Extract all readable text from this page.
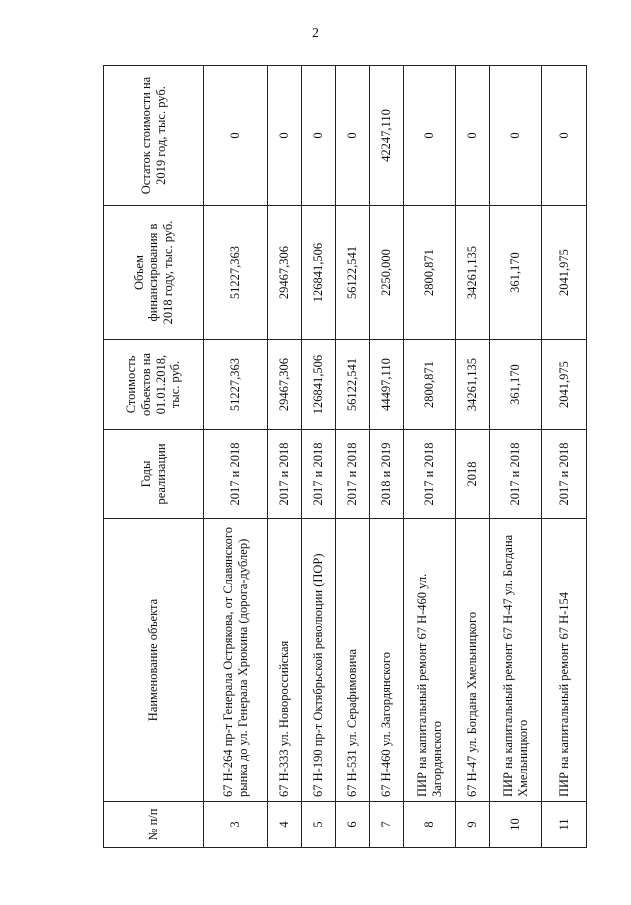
2
№ п/п	Наименование объекта	Годы реализации	Стоимость объектов на 01.01.2018, тыс. руб.	Объем финансирования в 2018 году, тыс. руб.	Остаток стоимости на 2019 год, тыс. руб.
3	67 Н-264 пр-т Генерала Острякова, от Славянского рынка до ул. Генерала Хрюкина (дорога-дублер)	2017 и 2018	51227,363	51227,363	0
4	67 Н-333 ул. Новороссийская	2017 и 2018	29467,306	29467,306	0
5	67 Н-190 пр-т Октябрьской революции (ПОР)	2017 и 2018	126841,506	126841,506	0
6	67 Н-531 ул. Серафимовича	2017 и 2018	56122,541	56122,541	0
7	67 Н-460 ул. Загордянского	2018 и 2019	44497,110	2250,000	42247,110
8	ПИР на капитальный ремонт 67 Н-460 ул. Загордянского	2017 и 2018	2800,871	2800,871	0
9	67 Н-47 ул. Богдана Хмельницкого	2018	34261,135	34261,135	0
10	ПИР на капитальный ремонт 67 Н-47 ул. Богдана Хмельницкого	2017 и 2018	361,170	361,170	0
11	ПИР на капитальный ремонт 67 Н-154	2017 и 2018	2041,975	2041,975	0
